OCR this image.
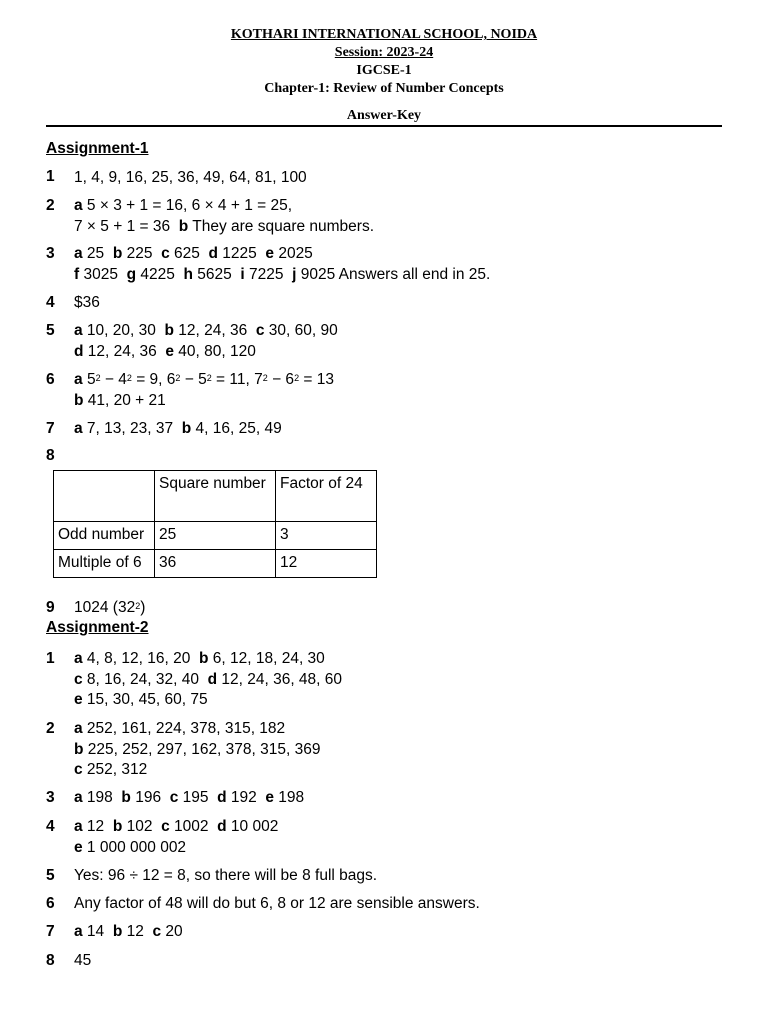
KOTHARI INTERNATIONAL SCHOOL, NOIDA
Session: 2023-24
IGCSE-1
Chapter-1: Review of Number Concepts
Answer-Key
Assignment-1
1 1, 4, 9, 16, 25, 36, 49, 64, 81, 100
2 a 5 × 3 + 1 = 16, 6 × 4 + 1 = 25,
7 × 5 + 1 = 36 b They are square numbers.
3 a 25 b 225 c 625 d 1225 e 2025
f 3025 g 4225 h 5625 i 7225 j 9025 Answers all end in 25.
4 $36
5 a 10, 20, 30 b 12, 24, 36 c 30, 60, 90
d 12, 24, 36 e 40, 80, 120
6 a $5^2 - 4^2 = 9$, $6^2 - 5^2 = 11$, $7^2 - 6^2 = 13$
b 41, 20 + 21
7 a 7, 13, 23, 37 b 4, 16, 25, 49
8
	Square number	Factor of 24
Odd number	25	3
Multiple of 6	36	12
9 1024 $(32^2)$
Assignment-2
1 a 4, 8, 12, 16, 20 b 6, 12, 18, 24, 30
c 8, 16, 24, 32, 40 d 12, 24, 36, 48, 60
e 15, 30, 45, 60, 75
2 a 252, 161, 224, 378, 315, 182
b 225, 252, 297, 162, 378, 315, 369
c 252, 312
3 a 198 b 196 c 195 d 192 e 198
4 a 12 b 102 c 1002 d 10 002
e 1 000 000 002
5 Yes: 96 ÷ 12 = 8, so there will be 8 full bags.
6 Any factor of 48 will do but 6, 8 or 12 are sensible answers.
7 a 14 b 12 c 20
8 45
